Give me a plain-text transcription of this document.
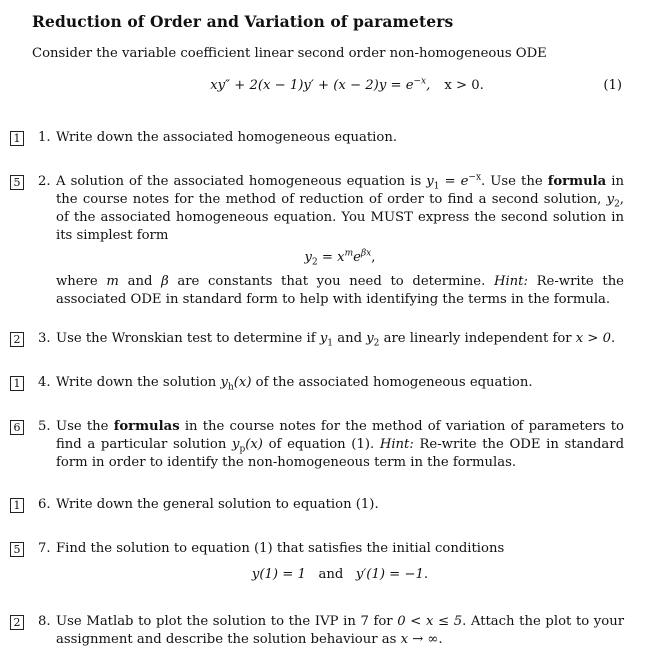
Reduction of Order and Variation of parameters
Consider the variable coefficient linear second order non-homogeneous ODE
$xy'' + 2(x - 1)y' + (x - 2)y = e^{-x}$, x > 0.	(1)
1 1. Write down the associated homogeneous equation.
5 2. A solution of the associated homogeneous equation is $y_1 = e^{-x}$. Use the formula in the course notes for the method of reduction of order to find a second solution, $y_2$, of the associated homogeneous equation. You MUST express the second solution in its simplest form
$y_2 = x^me^{\beta x}$,
where m and β are constants that you need to determine. Hint: Re-write the associated ODE in standard form to help with identifying the terms in the formula.
2 3. Use the Wronskian test to determine if $y_1$ and $y_2$ are linearly independent for x > 0.
1 4. Write down the solution $y_h(x)$ of the associated homogeneous equation.
6 5. Use the formulas in the course notes for the method of variation of parameters to find a particular solution $y_p(x)$ of equation (1). Hint: Re-write the ODE in standard form in order to identify the non-homogeneous term in the formulas.
1 6. Write down the general solution to equation (1).
5 7. Find the solution to equation (1) that satisfies the initial conditions
y(1) = 1 and y′(1) = −1.
2 8. Use Matlab to plot the solution to the IVP in 7 for 0 < x ≤ 5. Attach the plot to your assignment and describe the solution behaviour as x → ∞.
